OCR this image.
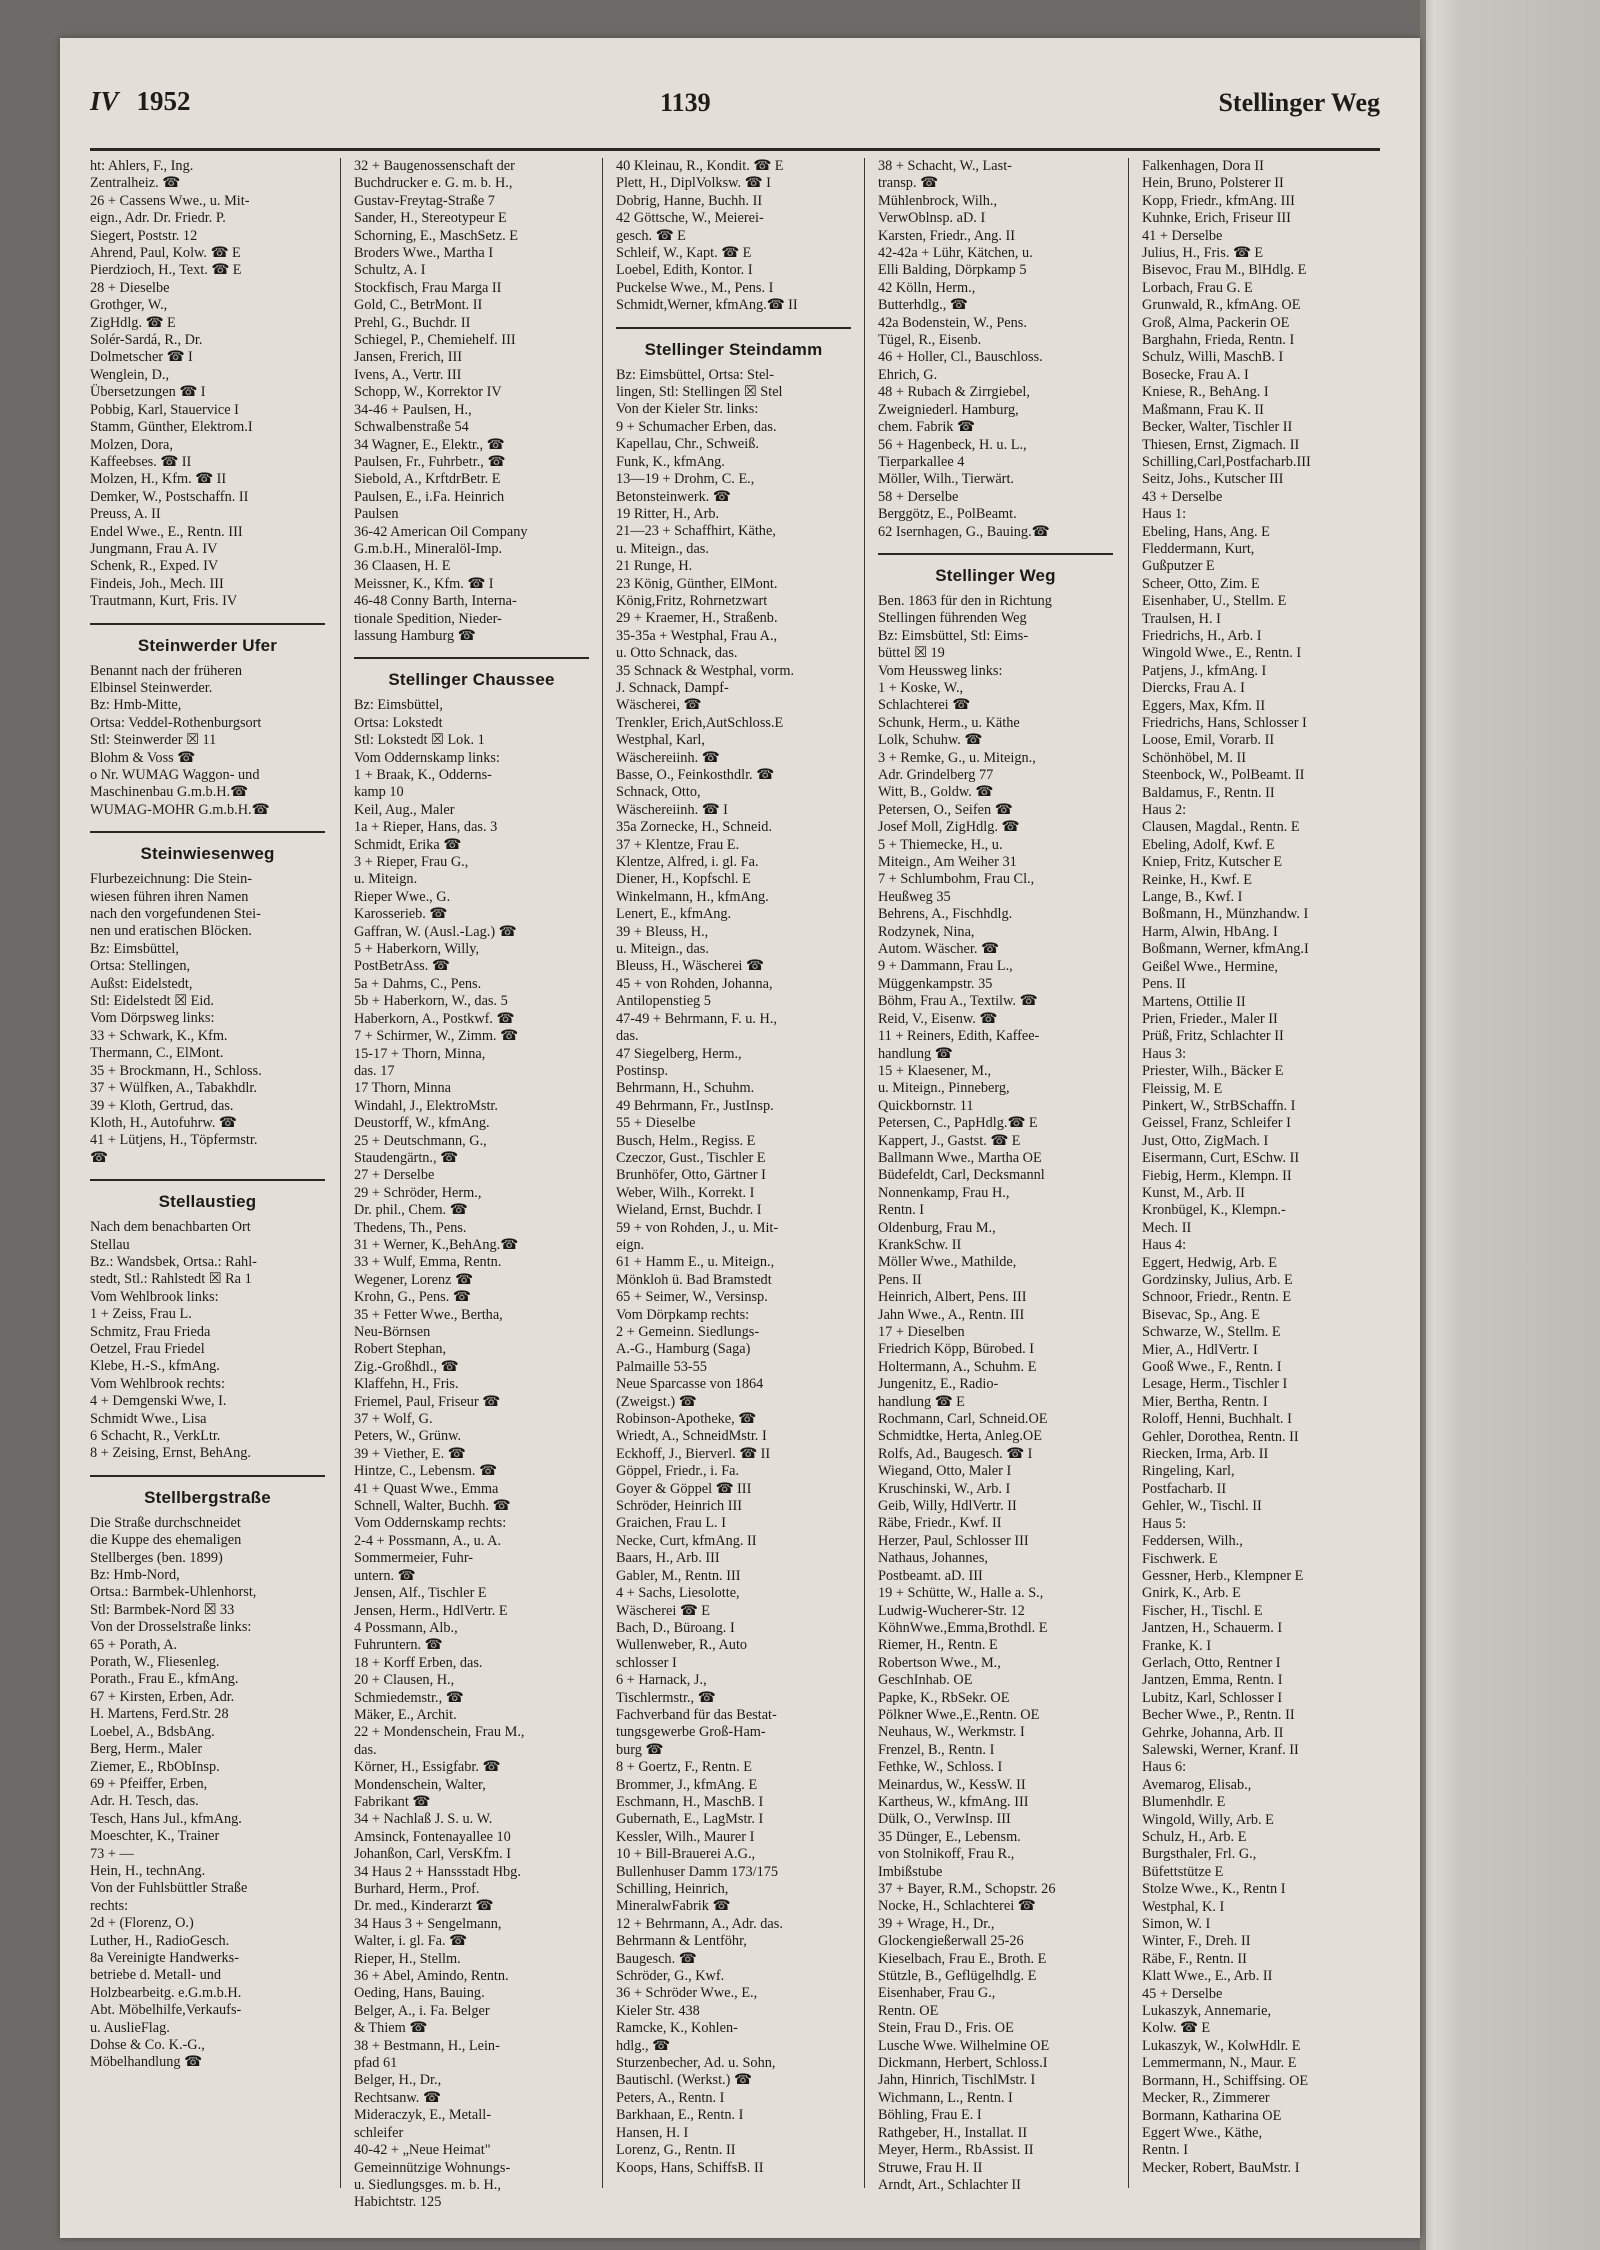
IV 1952	1139	Stellinger Weg
ht: Ahlers, F., Ing.
Zentralheiz. ☎
26 + Cassens Wwe., u. Mit-
eign., Adr. Dr. Friedr. P.
Siegert, Poststr. 12
Ahrend, Paul, Kolw. ☎ E
Pierdzioch, H., Text. ☎ E
28 + Dieselbe
Grothger, W.,
ZigHdlg. ☎ E
Solér-Sardá, R., Dr.
Dolmetscher ☎ I
Wenglein, D.,
Übersetzungen ☎ I
Pobbig, Karl, Stauervice I
Stamm, Günther, Elektrom.I
Molzen, Dora,
Kaffeebses. ☎ II
Molzen, H., Kfm. ☎ II
Demker, W., Postschaffn. II
Preuss, A. II
Endel Wwe., E., Rentn. III
Jungmann, Frau A. IV
Schenk, R., Exped. IV
Findeis, Joh., Mech. III
Trautmann, Kurt, Fris. IV
Steinwerder Ufer
Benannt nach der früheren
Elbinsel Steinwerder.
Bz: Hmb-Mitte,
Ortsa: Veddel-Rothenburgsort
Stl: Steinwerder ☒ 11
Blohm & Voss ☎
o Nr. WUMAG Waggon- und
Maschinenbau G.m.b.H.☎
WUMAG-MOHR G.m.b.H.☎
Steinwiesenweg
Flurbezeichnung: Die Stein-
wiesen führen ihren Namen
nach den vorgefundenen Stei-
nen und eratischen Blöcken.
Bz: Eimsbüttel,
Ortsa: Stellingen,
Außst: Eidelstedt,
Stl: Eidelstedt ☒ Eid.
Vom Dörpsweg links:
33 + Schwark, K., Kfm.
Thermann, C., ElMont.
35 + Brockmann, H., Schloss.
37 + Wülfken, A., Tabakhdlr.
39 + Kloth, Gertrud, das.
Kloth, H., Autofuhrw. ☎
41 + Lütjens, H., Töpfermstr.
☎
Stellaustieg
Nach dem benachbarten Ort
Stellau
Bz.: Wandsbek, Ortsa.: Rahl-
stedt, Stl.: Rahlstedt ☒ Ra 1
Vom Wehlbrook links:
1 + Zeiss, Frau L.
Schmitz, Frau Frieda
Oetzel, Frau Friedel
Klebe, H.-S., kfmAng.
Vom Wehlbrook rechts:
4 + Demgenski Wwe, I.
Schmidt Wwe., Lisa
6 Schacht, R., VerkLtr.
8 + Zeising, Ernst, BehAng.
Stellbergstraße
Die Straße durchschneidet
die Kuppe des ehemaligen
Stellberges (ben. 1899)
Bz: Hmb-Nord,
Ortsa.: Barmbek-Uhlenhorst,
Stl: Barmbek-Nord ☒ 33
Von der Drosselstraße links:
65 + Porath, A.
Porath, W., Fliesenleg.
Porath., Frau E., kfmAng.
67 + Kirsten, Erben, Adr.
H. Martens, Ferd.Str. 28
Loebel, A., BdsbAng.
Berg, Herm., Maler
Ziemer, E., RbObInsp.
69 + Pfeiffer, Erben,
Adr. H. Tesch, das.
Tesch, Hans Jul., kfmAng.
Moeschter, K., Trainer
73 + —
Hein, H., technAng.
Von der Fuhlsbüttler Straße
rechts:
2d + (Florenz, O.)
Luther, H., RadioGesch.
8a Vereinigte Handwerks-
betriebe d. Metall- und
Holzbearbeitg. e.G.m.b.H.
Abt. Möbelhilfe,Verkaufs-
u. AuslieFlag.
Dohse & Co. K.-G.,
Möbelhandlung ☎
32 + Baugenossenschaft der
Buchdrucker e. G. m. b. H.,
Gustav-Freytag-Straße 7
Sander, H., Stereotypeur E
Schorning, E., MaschSetz. E
Broders Wwe., Martha I
Schultz, A. I
Stockfisch, Frau Marga II
Gold, C., BetrMont. II
Prehl, G., Buchdr. II
Schiegel, P., Chemiehelf. III
Jansen, Frerich, III
Ivens, A., Vertr. III
Schopp, W., Korrektor IV
34-46 + Paulsen, H.,
Schwalbenstraße 54
34 Wagner, E., Elektr., ☎
Paulsen, Fr., Fuhrbetr., ☎
Siebold, A., KrftdrBetr. E
Paulsen, E., i.Fa. Heinrich
Paulsen
36-42 American Oil Company
G.m.b.H., Mineralöl-Imp.
36 Claasen, H. E
Meissner, K., Kfm. ☎ I
46-48 Conny Barth, Interna-
tionale Spedition, Nieder-
lassung Hamburg ☎
Stellinger Chaussee
Bz: Eimsbüttel,
Ortsa: Lokstedt
Stl: Lokstedt ☒ Lok. 1
Vom Oddernskamp links:
1 + Braak, K., Odderns-
kamp 10
Keil, Aug., Maler
1a + Rieper, Hans, das. 3
Schmidt, Erika ☎
3 + Rieper, Frau G.,
u. Miteign.
Rieper Wwe., G.
Karosserieb. ☎
Gaffran, W. (Ausl.-Lag.) ☎
5 + Haberkorn, Willy,
PostBetrAss. ☎
5a + Dahms, C., Pens.
5b + Haberkorn, W., das. 5
Haberkorn, A., Postkwf. ☎
7 + Schirmer, W., Zimm. ☎
15-17 + Thorn, Minna,
das. 17
17 Thorn, Minna
Windahl, J., ElektroMstr.
Deustorff, W., kfmAng.
25 + Deutschmann, G.,
Staudengärtn., ☎
27 + Derselbe
29 + Schröder, Herm.,
Dr. phil., Chem. ☎
Thedens, Th., Pens.
31 + Werner, K.,BehAng.☎
33 + Wulf, Emma, Rentn.
Wegener, Lorenz ☎
Krohn, G., Pens. ☎
35 + Fetter Wwe., Bertha,
Neu-Börnsen
Robert Stephan,
Zig.-Großhdl., ☎
Klaffehn, H., Fris.
Friemel, Paul, Friseur ☎
37 + Wolf, G.
Peters, W., Grünw.
39 + Viether, E. ☎
Hintze, C., Lebensm. ☎
41 + Quast Wwe., Emma
Schnell, Walter, Buchh. ☎
Vom Oddernskamp rechts:
2-4 + Possmann, A., u. A.
Sommermeier, Fuhr-
untern. ☎
Jensen, Alf., Tischler E
Jensen, Herm., HdlVertr. E
4 Possmann, Alb.,
Fuhruntern. ☎
18 + Korff Erben, das.
20 + Clausen, H.,
Schmiedemstr., ☎
Mäker, E., Archit.
22 + Mondenschein, Frau M.,
das.
Körner, H., Essigfabr. ☎
Mondenschein, Walter,
Fabrikant ☎
34 + Nachlaß J. S. u. W.
Amsinck, Fontenayallee 10
Johanßon, Carl, VersKfm. I
34 Haus 2 + Hanssstadt Hbg.
Burhard, Herm., Prof.
Dr. med., Kinderarzt ☎
34 Haus 3 + Sengelmann,
Walter, i. gl. Fa. ☎
Rieper, H., Stellm.
36 + Abel, Amindo, Rentn.
Oeding, Hans, Bauing.
Belger, A., i. Fa. Belger
& Thiem ☎
38 + Bestmann, H., Lein-
pfad 61
Belger, H., Dr.,
Rechtsanw. ☎
Mideraczyk, E., Metall-
schleifer
40-42 + „Neue Heimat"
Gemeinnützige Wohnungs-
u. Siedlungsges. m. b. H.,
Habichtstr. 125
40 Kleinau, R., Kondit. ☎ E
Plett, H., DiplVolksw. ☎ I
Dobrig, Hanne, Buchh. II
42 Göttsche, W., Meierei-
gesch. ☎ E
Schleif, W., Kapt. ☎ E
Loebel, Edith, Kontor. I
Puckelse Wwe., M., Pens. I
Schmidt,Werner, kfmAng.☎ II
Stellinger Steindamm
Bz: Eimsbüttel, Ortsa: Stel-
lingen, Stl: Stellingen ☒ Stel
Von der Kieler Str. links:
9 + Schumacher Erben, das.
Kapellau, Chr., Schweiß.
Funk, K., kfmAng.
13—19 + Drohm, C. E.,
Betonsteinwerk. ☎
19 Ritter, H., Arb.
21—23 + Schaffhirt, Käthe,
u. Miteign., das.
21 Runge, H.
23 König, Günther, ElMont.
König,Fritz, Rohrnetzwart
29 + Kraemer, H., Straßenb.
35-35a + Westphal, Frau A.,
u. Otto Schnack, das.
35 Schnack & Westphal, vorm.
J. Schnack, Dampf-
Wäscherei, ☎
Trenkler, Erich,AutSchloss.E
Westphal, Karl,
Wäschereiinh. ☎
Basse, O., Feinkosthdlr. ☎
Schnack, Otto,
Wäschereiinh. ☎ I
35a Zornecke, H., Schneid.
37 + Klentze, Frau E.
Klentze, Alfred, i. gl. Fa.
Diener, H., Kopfschl. E
Winkelmann, H., kfmAng.
Lenert, E., kfmAng.
39 + Bleuss, H.,
u. Miteign., das.
Bleuss, H., Wäscherei ☎
45 + von Rohden, Johanna,
Antilopenstieg 5
47-49 + Behrmann, F. u. H.,
das.
47 Siegelberg, Herm.,
Postinsp.
Behrmann, H., Schuhm.
49 Behrmann, Fr., JustInsp.
55 + Dieselbe
Busch, Helm., Regiss. E
Czeczor, Gust., Tischler E
Brunhöfer, Otto, Gärtner I
Weber, Wilh., Korrekt. I
Wieland, Ernst, Buchdr. I
59 + von Rohden, J., u. Mit-
eign.
61 + Hamm E., u. Miteign.,
Mönkloh ü. Bad Bramstedt
65 + Seimer, W., Versinsp.
Vom Dörpkamp rechts:
2 + Gemeinn. Siedlungs-
A.-G., Hamburg (Saga)
Palmaille 53-55
Neue Sparcasse von 1864
(Zweigst.) ☎
Robinson-Apotheke, ☎
Wriedt, A., SchneidMstr. I
Eckhoff, J., Bierverl. ☎ II
Göppel, Friedr., i. Fa.
Goyer & Göppel ☎ III
Schröder, Heinrich III
Graichen, Frau L. I
Necke, Curt, kfmAng. II
Baars, H., Arb. III
Gabler, M., Rentn. III
4 + Sachs, Liesolotte,
Wäscherei ☎ E
Bach, D., Büroang. I
Wullenweber, R., Auto
schlosser I
6 + Harnack, J.,
Tischlermstr., ☎
Fachverband für das Bestat-
tungsgewerbe Groß-Ham-
burg ☎
8 + Goertz, F., Rentn. E
Brommer, J., kfmAng. E
Eschmann, H., MaschB. I
Gubernath, E., LagMstr. I
Kessler, Wilh., Maurer I
10 + Bill-Brauerei A.G.,
Bullenhuser Damm 173/175
Schilling, Heinrich,
MineralwFabrik ☎
12 + Behrmann, A., Adr. das.
Behrmann & Lentföhr,
Baugesch. ☎
Schröder, G., Kwf.
36 + Schröder Wwe., E.,
Kieler Str. 438
Ramcke, K., Kohlen-
hdlg., ☎
Sturzenbecher, Ad. u. Sohn,
Bautischl. (Werkst.) ☎
Peters, A., Rentn. I
Barkhaan, E., Rentn. I
Hansen, H. I
Lorenz, G., Rentn. II
Koops, Hans, SchiffsB. II
38 + Schacht, W., Last-
transp. ☎
Mühlenbrock, Wilh.,
VerwOblnsp. aD. I
Karsten, Friedr., Ang. II
42-42a + Lühr, Kätchen, u.
Elli Balding, Dörpkamp 5
42 Kölln, Herm.,
Butterhdlg., ☎
42a Bodenstein, W., Pens.
Tügel, R., Eisenb.
46 + Holler, Cl., Bauschloss.
Ehrich, G.
48 + Rubach & Zirrgiebel,
Zweigniederl. Hamburg,
chem. Fabrik ☎
56 + Hagenbeck, H. u. L.,
Tierparkallee 4
Möller, Wilh., Tierwärt.
58 + Derselbe
Berggötz, E., PolBeamt.
62 Isernhagen, G., Bauing.☎
Stellinger Weg
Ben. 1863 für den in Richtung
Stellingen führenden Weg
Bz: Eimsbüttel, Stl: Eims-
büttel ☒ 19
Vom Heussweg links:
1 + Koske, W.,
Schlachterei ☎
Schunk, Herm., u. Käthe
Lolk, Schuhw. ☎
3 + Remke, G., u. Miteign.,
Adr. Grindelberg 77
Witt, B., Goldw. ☎
Petersen, O., Seifen ☎
Josef Moll, ZigHdlg. ☎
5 + Thiemecke, H., u.
Miteign., Am Weiher 31
7 + Schlumbohm, Frau Cl.,
Heußweg 35
Behrens, A., Fischhdlg.
Rodzynek, Nina,
Autom. Wäscher. ☎
9 + Dammann, Frau L.,
Müggenkampstr. 35
Böhm, Frau A., Textilw. ☎
Reid, V., Eisenw. ☎
11 + Reiners, Edith, Kaffee-
handlung ☎
15 + Klaesener, M.,
u. Miteign., Pinneberg,
Quickbornstr. 11
Petersen, C., PapHdlg.☎ E
Kappert, J., Gastst. ☎ E
Ballmann Wwe., Martha OE
Büdefeldt, Carl, Decksmannl
Nonnenkamp, Frau H.,
Rentn. I
Oldenburg, Frau M.,
KrankSchw. II
Möller Wwe., Mathilde,
Pens. II
Heinrich, Albert, Pens. III
Jahn Wwe., A., Rentn. III
17 + Dieselben
Friedrich Köpp, Bürobed. I
Holtermann, A., Schuhm. E
Jungenitz, E., Radio-
handlung ☎ E
Rochmann, Carl, Schneid.OE
Schmidtke, Herta, Anleg.OE
Rolfs, Ad., Baugesch. ☎ I
Wiegand, Otto, Maler I
Kruschinski, W., Arb. I
Geib, Willy, HdlVertr. II
Räbe, Friedr., Kwf. II
Herzer, Paul, Schlosser III
Nathaus, Johannes,
Postbeamt. aD. III
19 + Schütte, W., Halle a. S.,
Ludwig-Wucherer-Str. 12
KöhnWwe.,Emma,Brothdl. E
Riemer, H., Rentn. E
Robertson Wwe., M.,
GeschInhab. OE
Papke, K., RbSekr. OE
Pölkner Wwe.,E.,Rentn. OE
Neuhaus, W., Werkmstr. I
Frenzel, B., Rentn. I
Fethke, W., Schloss. I
Meinardus, W., KessW. II
Kartheus, W., kfmAng. III
Dülk, O., VerwInsp. III
35 Dünger, E., Lebensm.
von Stolnikoff, Frau R.,
Imbißstube
37 + Bayer, R.M., Schopstr. 26
Nocke, H., Schlachterei ☎
39 + Wrage, H., Dr.,
Glockengießerwall 25-26
Kieselbach, Frau E., Broth. E
Stützle, B., Geflügelhdlg. E
Eisenhaber, Frau G.,
Rentn. OE
Stein, Frau D., Fris. OE
Lusche Wwe. Wilhelmine OE
Dickmann, Herbert, Schloss.I
Jahn, Hinrich, TischlMstr. I
Wichmann, L., Rentn. I
Böhling, Frau E. I
Rathgeber, H., Installat. II
Meyer, Herm., RbAssist. II
Struwe, Frau H. II
Arndt, Art., Schlachter II
Falkenhagen, Dora II
Hein, Bruno, Polsterer II
Kopp, Friedr., kfmAng. III
Kuhnke, Erich, Friseur III
41 + Derselbe
Julius, H., Fris. ☎ E
Bisevoc, Frau M., BlHdlg. E
Lorbach, Frau G. E
Grunwald, R., kfmAng. OE
Groß, Alma, Packerin OE
Barghahn, Frieda, Rentn. I
Schulz, Willi, MaschB. I
Bosecke, Frau A. I
Kniese, R., BehAng. I
Maßmann, Frau K. II
Becker, Walter, Tischler II
Thiesen, Ernst, Zigmach. II
Schilling,Carl,Postfacharb.III
Seitz, Johs., Kutscher III
43 + Derselbe
Haus 1:
Ebeling, Hans, Ang. E
Fleddermann, Kurt,
Gußputzer E
Scheer, Otto, Zim. E
Eisenhaber, U., Stellm. E
Traulsen, H. I
Friedrichs, H., Arb. I
Wingold Wwe., E., Rentn. I
Patjens, J., kfmAng. I
Diercks, Frau A. I
Eggers, Max, Kfm. II
Friedrichs, Hans, Schlosser I
Loose, Emil, Vorarb. II
Schönhöbel, M. II
Steenbock, W., PolBeamt. II
Baldamus, F., Rentn. II
Haus 2:
Clausen, Magdal., Rentn. E
Ebeling, Adolf, Kwf. E
Kniep, Fritz, Kutscher E
Reinke, H., Kwf. E
Lange, B., Kwf. I
Boßmann, H., Münzhandw. I
Harm, Alwin, HbAng. I
Boßmann, Werner, kfmAng.I
Geißel Wwe., Hermine,
Pens. II
Martens, Ottilie II
Prien, Frieder., Maler II
Prüß, Fritz, Schlachter II
Haus 3:
Priester, Wilh., Bäcker E
Fleissig, M. E
Pinkert, W., StrBSchaffn. I
Geissel, Franz, Schleifer I
Just, Otto, ZigMach. I
Eisermann, Curt, ESchw. II
Fiebig, Herm., Klempn. II
Kunst, M., Arb. II
Kronbügel, K., Klempn.-
Mech. II
Haus 4:
Eggert, Hedwig, Arb. E
Gordzinsky, Julius, Arb. E
Schnoor, Friedr., Rentn. E
Bisevac, Sp., Ang. E
Schwarze, W., Stellm. E
Mier, A., HdlVertr. I
Gooß Wwe., F., Rentn. I
Lesage, Herm., Tischler I
Mier, Bertha, Rentn. I
Roloff, Henni, Buchhalt. I
Gehler, Dorothea, Rentn. II
Riecken, Irma, Arb. II
Ringeling, Karl,
Postfacharb. II
Gehler, W., Tischl. II
Haus 5:
Feddersen, Wilh.,
Fischwerk. E
Gessner, Herb., Klempner E
Gnirk, K., Arb. E
Fischer, H., Tischl. E
Jantzen, H., Schauerm. I
Franke, K. I
Gerlach, Otto, Rentner I
Jantzen, Emma, Rentn. I
Lubitz, Karl, Schlosser I
Becher Wwe., P., Rentn. II
Gehrke, Johanna, Arb. II
Salewski, Werner, Kranf. II
Haus 6:
Avemarog, Elisab.,
Blumenhdlr. E
Wingold, Willy, Arb. E
Schulz, H., Arb. E
Burgsthaler, Frl. G.,
Büfettstütze E
Stolze Wwe., K., Rentn I
Westphal, K. I
Simon, W. I
Winter, F., Dreh. II
Räbe, F., Rentn. II
Klatt Wwe., E., Arb. II
45 + Derselbe
Lukaszyk, Annemarie,
Kolw. ☎ E
Lukaszyk, W., KolwHdlr. E
Lemmermann, N., Maur. E
Bormann, H., Schiffsing. OE
Mecker, R., Zimmerer
Bormann, Katharina OE
Eggert Wwe., Käthe,
Rentn. I
Mecker, Robert, BauMstr. I
